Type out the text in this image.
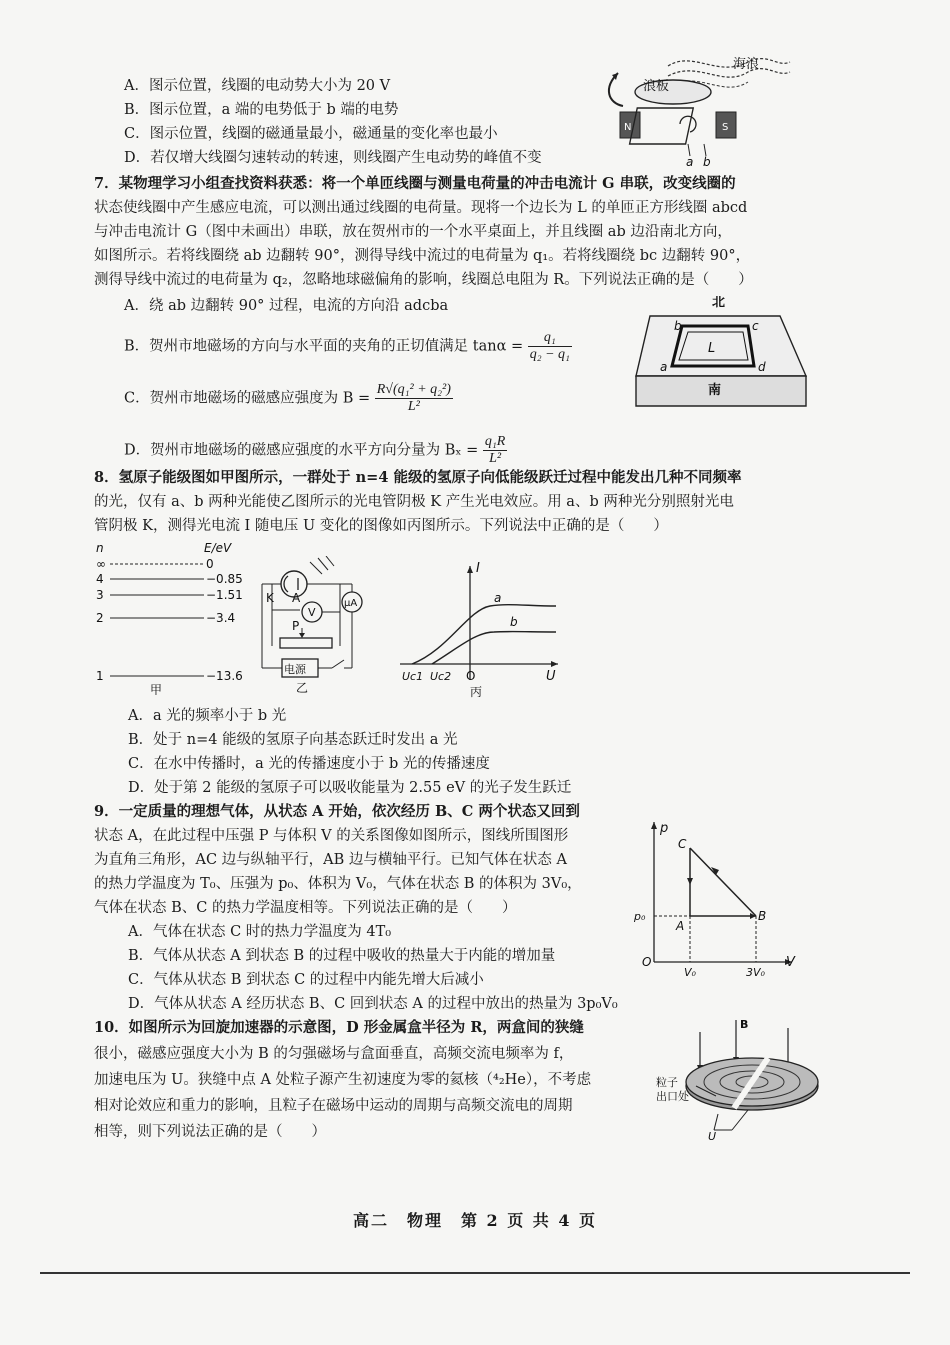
A．图示位置，线圈的电动势大小为 20 V
B．图示位置，a 端的电势低于 b 端的电势
C．图示位置，线圈的磁通量最小，磁通量的变化率也最小
D．若仅增大线圈匀速转动的转速，则线圈产生电动势的峰值不变
海浪
浪板
N	S
a b
7．某物理学习小组查找资料获悉：将一个单匝线圈与测量电荷量的冲击电流计 G 串联，改变线圈的
状态使线圈中产生感应电流，可以测出通过线圈的电荷量。现将一个边长为 L 的单匝正方形线圈 abcd
与冲击电流计 G（图中未画出）串联，放在贺州市的一个水平桌面上，并且线圈 ab 边沿南北方向，
如图所示。若将线圈绕 ab 边翻转 90°，测得导线中流过的电荷量为 q₁。若将线圈绕 bc 边翻转 90°，
测得导线中流过的电荷量为 q₂，忽略地球磁偏角的影响，线圈总电阻为 R。下列说法正确的是（　　）
A．绕 ab 边翻转 90° 过程，电流的方向沿 adcba
B．贺州市地磁场的方向与水平面的夹角的正切值满足 $\tan\alpha = \frac{\text{q₁}}{\text{q₂ − q₁}}$
C．贺州市地磁场的磁感应强度为 $B = \frac{\text{R√(q₁² + q₂²)}}{\text{L²}}$
D．贺州市地磁场的磁感应强度的水平方向分量为 $B_x = \frac{\text{q₁R}}{\text{L²}}$
北
南
b	c
a	d
L
8．氢原子能级图如甲图所示，一群处于 n=4 能级的氢原子向低能级跃迁过程中能发出几种不同频率
的光，仅有 a、b 两种光能使乙图所示的光电管阴极 K 产生光电效应。用 a、b 两种光分别照射光电
管阴极 K，测得光电流 I 随电压 U 变化的图像如丙图所示。下列说法中正确的是（　　）
n	E/eV
∞	0
4	−0.85
3	−1.51
2	−3.4
1	−13.6
甲
K A
V
μA
P
电源
乙
I
U
O
Uc1 Uc2
a
b
丙
A．a 光的频率小于 b 光
B．处于 n=4 能级的氢原子向基态跃迁时发出 a 光
C．在水中传播时，a 光的传播速度小于 b 光的传播速度
D．处于第 2 能级的氢原子可以吸收能量为 2.55 eV 的光子发生跃迁
9．一定质量的理想气体，从状态 A 开始，依次经历 B、C 两个状态又回到
状态 A，在此过程中压强 P 与体积 V 的关系图像如图所示，图线所围图形
为直角三角形，AC 边与纵轴平行，AB 边与横轴平行。已知气体在状态 A
的热力学温度为 T₀、压强为 p₀、体积为 V₀，气体在状态 B 的体积为 3V₀，
气体在状态 B、C 的热力学温度相等。下列说法正确的是（　　）
A．气体在状态 C 时的热力学温度为 4T₀
B．气体从状态 A 到状态 B 的过程中吸收的热量大于内能的增加量
C．气体从状态 B 到状态 C 的过程中内能先增大后减小
D．气体从状态 A 经历状态 B、C 回到状态 A 的过程中放出的热量为 3p₀V₀
p
V
O
C
A
B
p₀
V₀	3V₀
10．如图所示为回旋加速器的示意图，D 形金属盒半径为 R，两盒间的狭缝
很小，磁感应强度大小为 B 的匀强磁场与盒面垂直，高频交流电频率为 f，
加速电压为 U。狭缝中点 A 处粒子源产生初速度为零的氦核（⁴₂He），不考虑
相对论效应和重力的影响，且粒子在磁场中运动的周期与高频交流电的周期
相等，则下列说法正确的是（　　）
B
粒子
出口处
U
高二　物理　第 2 页 共 4 页
